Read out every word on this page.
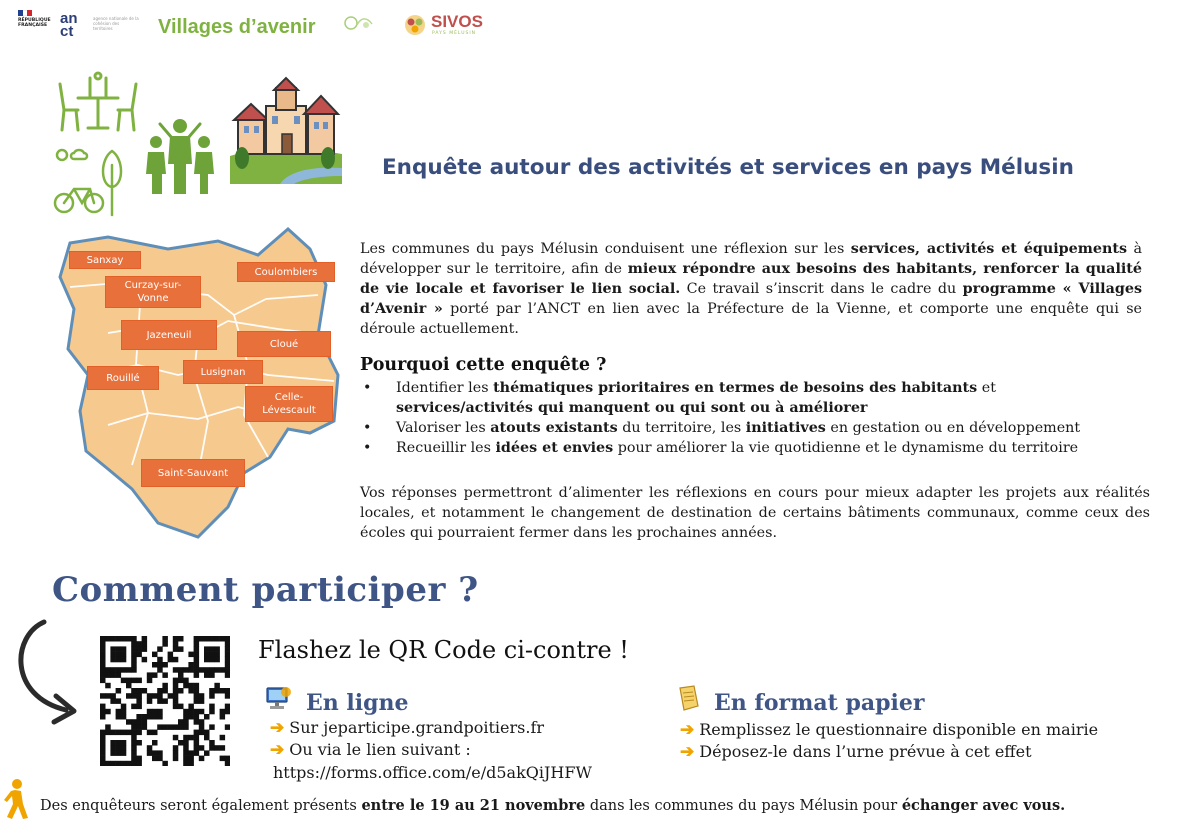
RÉPUBLIQUE
FRANÇAISE an ct
agence nationale de la cohésion des territoires	Villages d’avenir	SIVOS
PAYS MÉLUSIN
Enquête autour des activités et services en pays Mélusin
Sanxay
Curzay-sur-Vonne
Coulombiers
Jazeneuil
Cloué
Rouillé
Lusignan
Celle-Lévescault
Saint-Sauvant
Les communes du pays Mélusin conduisent une réflexion sur les services, activités et équipements à développer sur le territoire, afin de mieux répondre aux besoins des habitants, renforcer la qualité de vie locale et favoriser le lien social. Ce travail s’inscrit dans le cadre du programme « Villages d’Avenir » porté par l’ANCT en lien avec la Préfecture de la Vienne, et comporte une enquête qui se déroule actuellement.
Pourquoi cette enquête ?
• Identifier les thématiques prioritaires en termes de besoins des habitants et
services/activités qui manquent ou qui sont ou à améliorer
• Valoriser les atouts existants du territoire, les initiatives en gestation ou en développement
• Recueillir les idées et envies pour améliorer la vie quotidienne et le dynamisme du territoire
Vos réponses permettront d’alimenter les réflexions en cours pour mieux adapter les projets aux réalités locales, et notamment le changement de destination de certains bâtiments communaux, comme ceux des écoles qui pourraient fermer dans les prochaines années.
Comment participer ?
Flashez le QR Code ci-contre !
En ligne
➔ Sur jeparticipe.grandpoitiers.fr
➔ Ou via le lien suivant :
https://forms.office.com/e/d5akQiJHFW
En format papier
➔ Remplissez le questionnaire disponible en mairie
➔ Déposez-le dans l’urne prévue à cet effet
Des enquêteurs seront également présents entre le 19 au 21 novembre dans les communes du pays Mélusin pour échanger avec vous.
